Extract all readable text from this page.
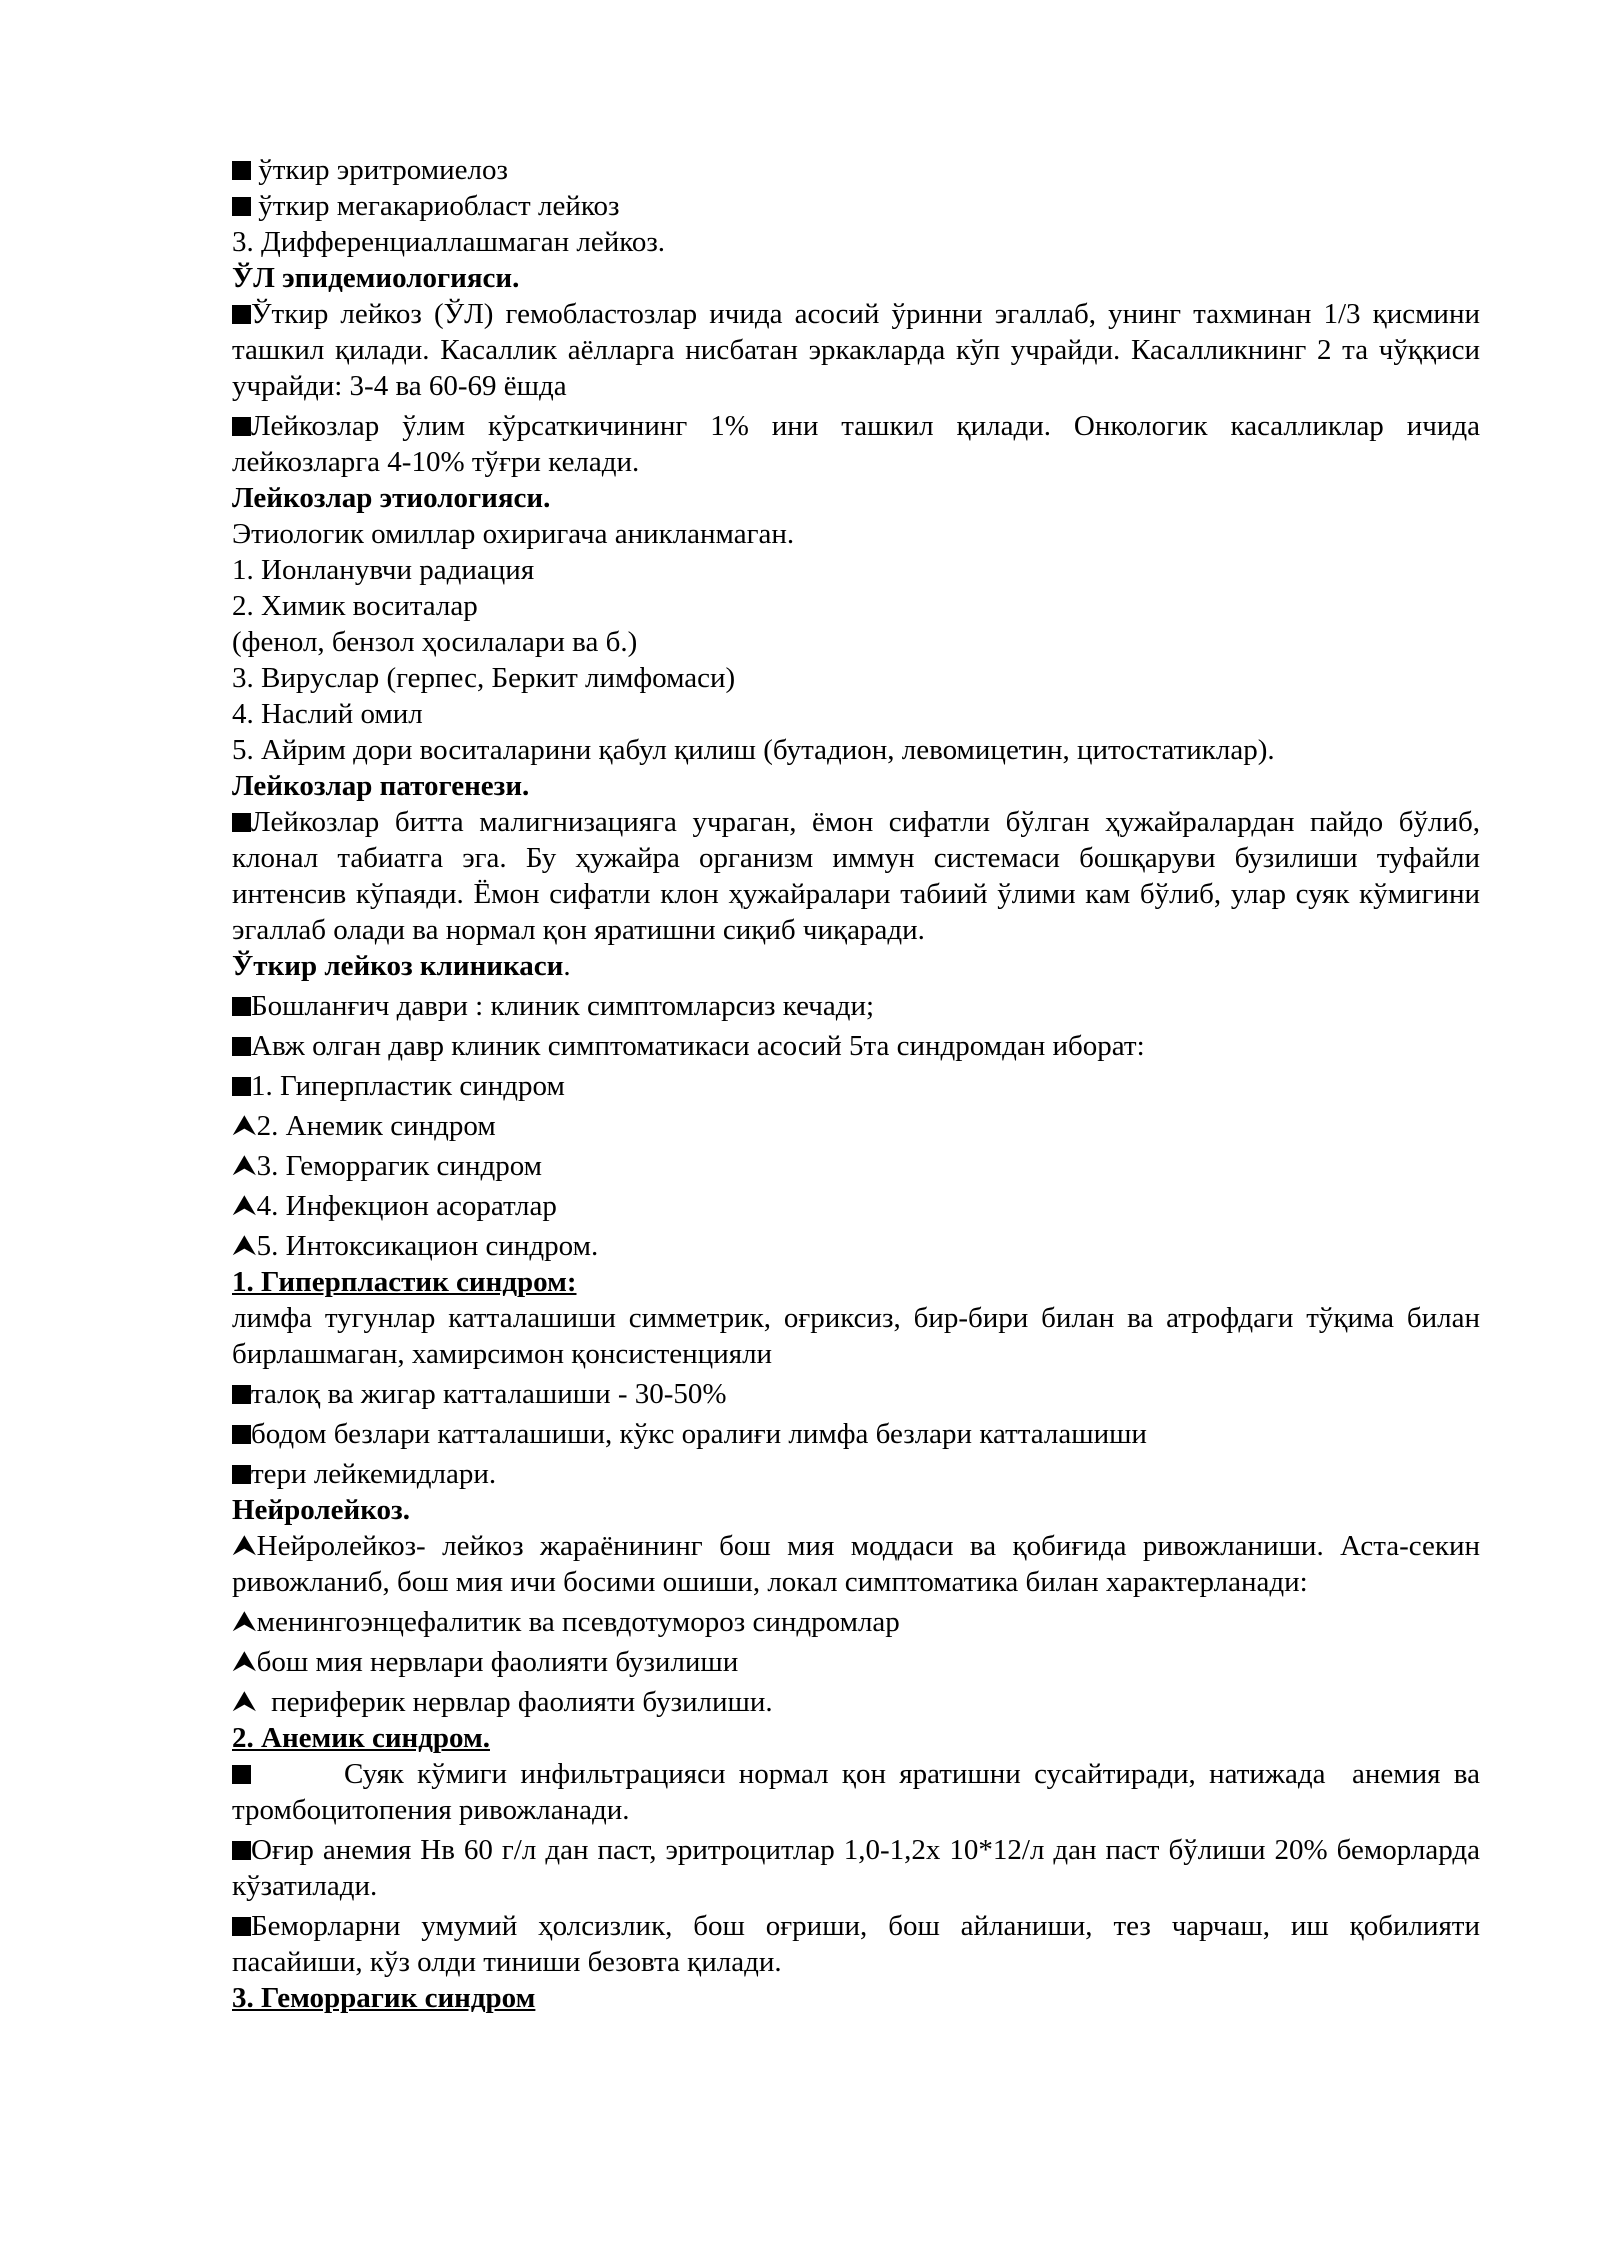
ўткир эритромиелоз

ўткир мегакариобласт лейкоз

3. Дифференциаллашмаган лейкоз.

ЎЛ эпидемиологияси.

Ўткир лейкоз (ЎЛ) гемобластозлар ичида асосий ўринни эгаллаб, унинг тахминан 1/3 қисмини ташкил қилади. Касаллик аёлларга нисбатан эркакларда кўп учрайди. Касалликнинг 2 та чўққиси учрайди: 3-4 ва 60-69 ёшда

Лейкозлар ўлим кўрсаткичининг 1% ини ташкил қилади. Онкологик касалликлар ичида лейкозларга 4-10% тўғри келади.

Лейкозлар этиологияси.

Этиологик омиллар охиригача аникланмаган.

1. Ионланувчи радиация

2. Химик воситалар

(фенол, бензол ҳосилалари ва б.)

3. Вируслар (герпес, Беркит лимфомаси)

4. Наслий омил

5. Айрим дори воситаларини қабул қилиш (бутадион, левомицетин, цитостатиклар).

Лейкозлар патогенези.

Лейкозлар битта малигнизацияга учраган, ёмон сифатли бўлган ҳужайралардан пайдо бўлиб, клонал табиатга эга. Бу ҳужайра организм иммун системаси бошқаруви бузилиши туфайли интенсив кўпаяди. Ёмон сифатли клон ҳужайралари табиий ўлими кам бўлиб, улар суяк кўмигини эгаллаб олади ва нормал қон яратишни сиқиб чиқаради.

Ўткир лейкоз клиникаси.

Бошланғич даври : клиник симптомларсиз кечади;

Авж олган давр клиник симптоматикаси асосий 5та синдромдан иборат:

1. Гиперпластик синдром

⮝2. Анемик синдром

⮝3. Геморрагик синдром

⮝4. Инфекцион асоратлар

⮝5. Интоксикацион синдром.

1. Гиперпластик синдром:

лимфа тугунлар катталашиши симметрик, оғриксиз, бир-бири билан ва атрофдаги тўқима билан бирлашмаган, хамирсимон қонсистенцияли

талоқ ва жигар катталашиши - 30-50%

бодом безлари катталашиши, кўкс оралиғи лимфа безлари катталашиши

тери лейкемидлари.

Нейролейкоз.

⮝Нейролейкоз- лейкоз жараёнининг бош мия моддаси ва қобиғида ривожланиши. Аста-секин ривожланиб, бош мия ичи босими ошиши, локал симптоматика билан характерланади:

⮝менингоэнцефалитик ва псевдотумороз синдромлар

⮝бош мия нервлари фаолияти бузилиши

⮝  периферик нервлар фаолияти бузилиши.

2. Анемик синдром.

Суяк кўмиги инфильтрацияси нормал қон яратишни сусайтиради, натижада  анемия ва тромбоцитопения ривожланади.

Оғир анемия Нв 60 г/л дан паст, эритроцитлар 1,0-1,2х 10*12/л дан паст бўлиши 20% беморларда кўзатилади.

Беморларни умумий ҳолсизлик, бош оғриши, бош айланиши, тез чарчаш, иш қобилияти пасайиши, кўз олди тиниши безовта қилади.

3. Геморрагик синдром
